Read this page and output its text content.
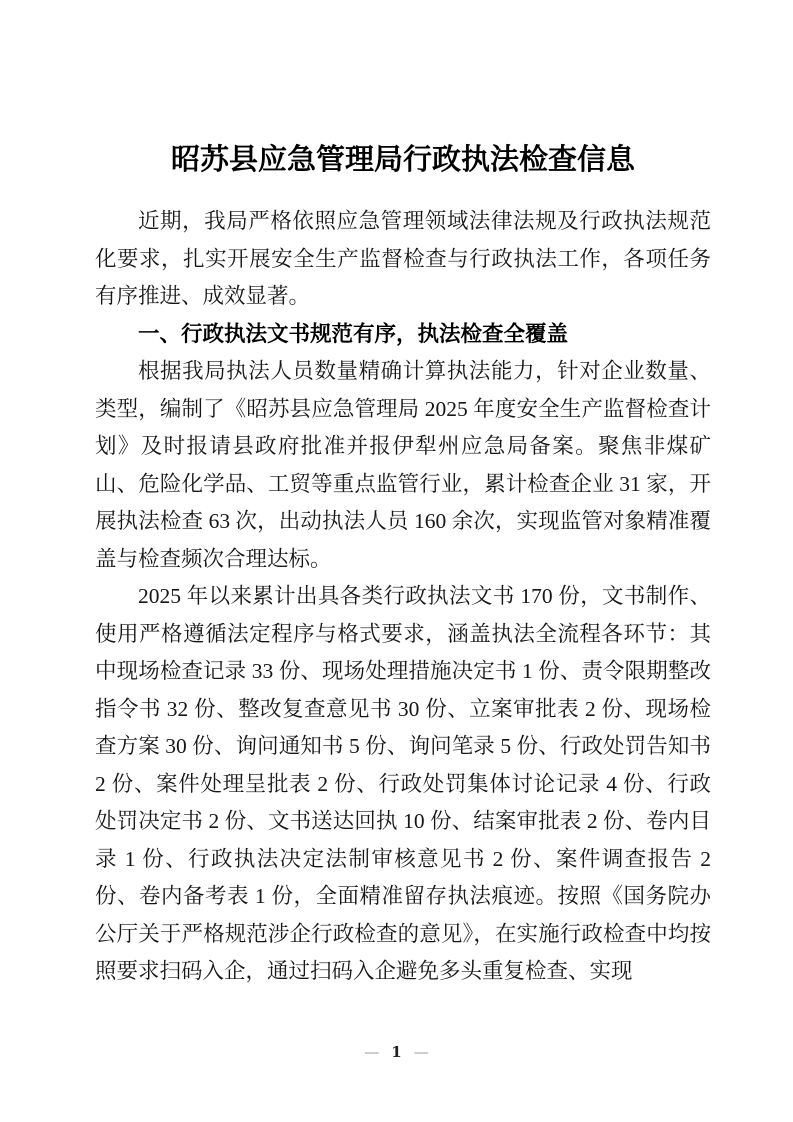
昭苏县应急管理局行政执法检查信息

近期，我局严格依照应急管理领域法律法规及行政执法规范化要求，扎实开展安全生产监督检查与行政执法工作，各项任务有序推进、成效显著。

一、行政执法文书规范有序，执法检查全覆盖

根据我局执法人员数量精确计算执法能力，针对企业数量、类型，编制了《昭苏县应急管理局 2025 年度安全生产监督检查计划》及时报请县政府批准并报伊犁州应急局备案。聚焦非煤矿山、危险化学品、工贸等重点监管行业，累计检查企业 31 家，开展执法检查 63 次，出动执法人员 160 余次，实现监管对象精准覆盖与检查频次合理达标。

2025 年以来累计出具各类行政执法文书 170 份，文书制作、使用严格遵循法定程序与格式要求，涵盖执法全流程各环节：其中现场检查记录 33 份、现场处理措施决定书 1 份、责令限期整改指令书 32 份、整改复查意见书 30 份、立案审批表 2 份、现场检查方案 30 份、询问通知书 5 份、询问笔录 5 份、行政处罚告知书 2 份、案件处理呈批表 2 份、行政处罚集体讨论记录 4 份、行政处罚决定书 2 份、文书送达回执 10 份、结案审批表 2 份、卷内目录 1 份、行政执法决定法制审核意见书 2 份、案件调查报告 2 份、卷内备考表 1 份，全面精准留存执法痕迹。按照《国务院办公厅关于严格规范涉企行政检查的意见》，在实施行政检查中均按照要求扫码入企，通过扫码入企避免多头重复检查、实现

— 1 —
